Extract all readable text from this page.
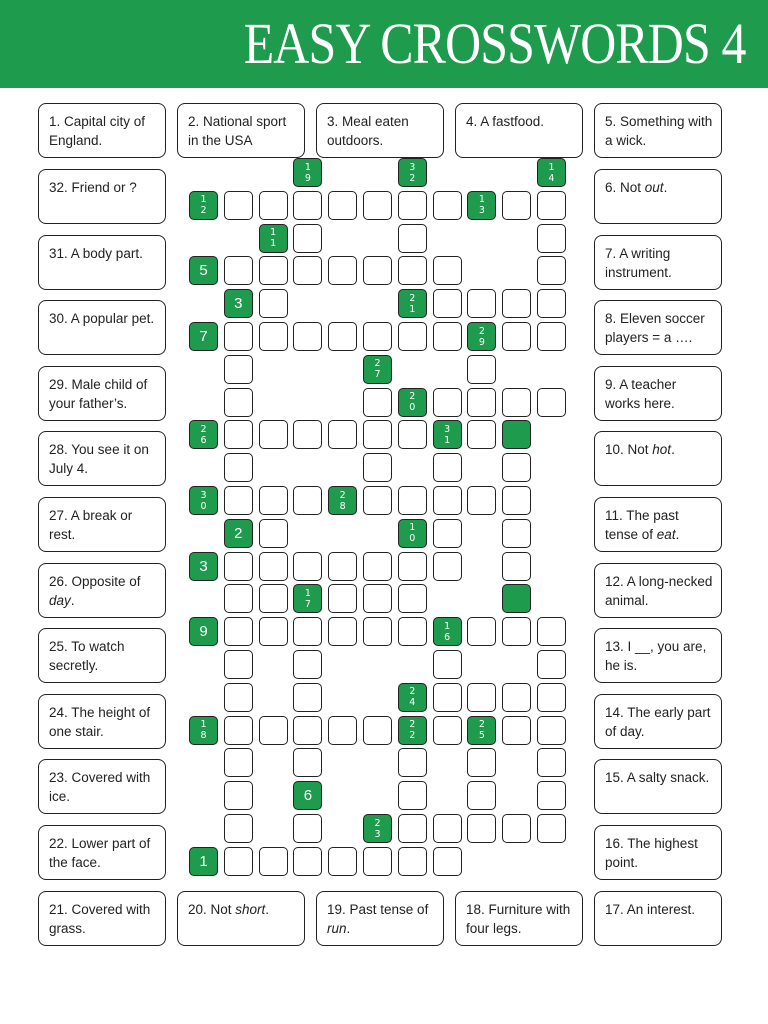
EASY CROSSWORDS 4
1. Capital city of England.
2. National sport in the USA
3. Meal eaten outdoors.
4. A fastfood.	5. Something with a wick.
6. Not out.
7. A writing instrument.
8. Eleven soccer players = a ….
9. A teacher works here.
10. Not hot.
11. The past tense of eat.
12. A long-necked animal.
13. I __, you are, he is.
14. The early part of day.
15. A salty snack.
16. The highest point.
17. An interest.
18. Furniture with four legs.
19. Past tense of run.
20. Not short.
21. Covered with grass.
22. Lower part of the face.
23. Covered with ice.
24. The height of one stair.
25. To watch secretly.
26. Opposite of day.
27. A break or rest.
28. You see it on July 4.
29. Male child of your father’s.
30. A popular pet.
31. A body part.
32. Friend or ?
19
32
14
12
13
11
5
3	21
7	29
27
20
26
31
30
28
2	10
3
17
9	16
24
18
22
25
6
23
1
